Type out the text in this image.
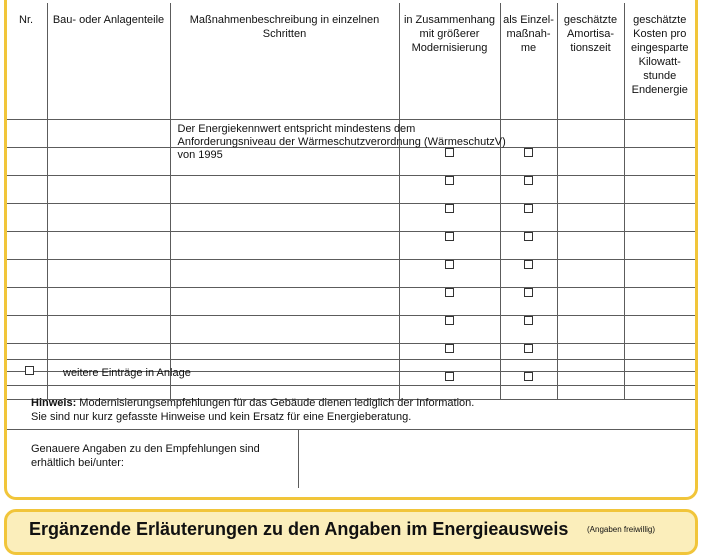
Nr.	Bau- oder Anlagenteile	Maßnahmenbeschreibung in einzelnen Schritten	in Zusammenhang mit größerer Modernisierung	als Einzel-maßnah-me	geschätzte Amortisa-tionszeit	geschätzte Kosten pro eingesparte Kilowatt-stunde Endenergie

		Der Energiekennwert entspricht mindestens dem Anforderungsniveau der Wärmeschutzverordnung (WärmeschutzV) von 1995				

weitere Einträge in Anlage
Hinweis: Modernisierungsempfehlungen für das Gebäude dienen lediglich der Information.
Sie sind nur kurz gefasste Hinweise und kein Ersatz für eine Energieberatung.
Genauere Angaben zu den Empfehlungen sind erhältlich bei/unter:
Ergänzende Erläuterungen zu den Angaben im Energieausweis (Angaben freiwillig)
